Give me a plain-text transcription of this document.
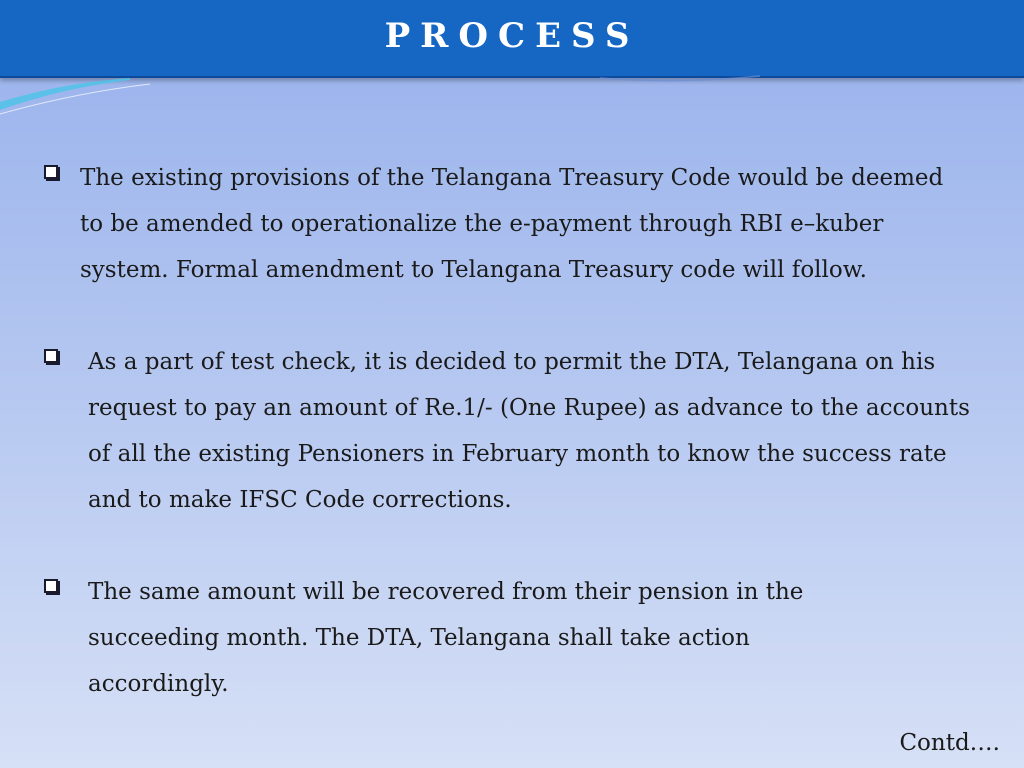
PROCESS

The existing provisions of the Telangana Treasury Code would be deemed to be amended to operationalize the e-payment through RBI e–kuber system. Formal amendment to Telangana Treasury code will follow.

As a part of test check, it is decided to permit the DTA, Telangana on his request to pay an amount of Re.1/- (One Rupee) as advance to the accounts of all the existing Pensioners in February month to know the success rate and to make IFSC Code corrections.

The same amount will be recovered from their pension in the succeeding month. The DTA, Telangana shall take action accordingly.

Contd….
